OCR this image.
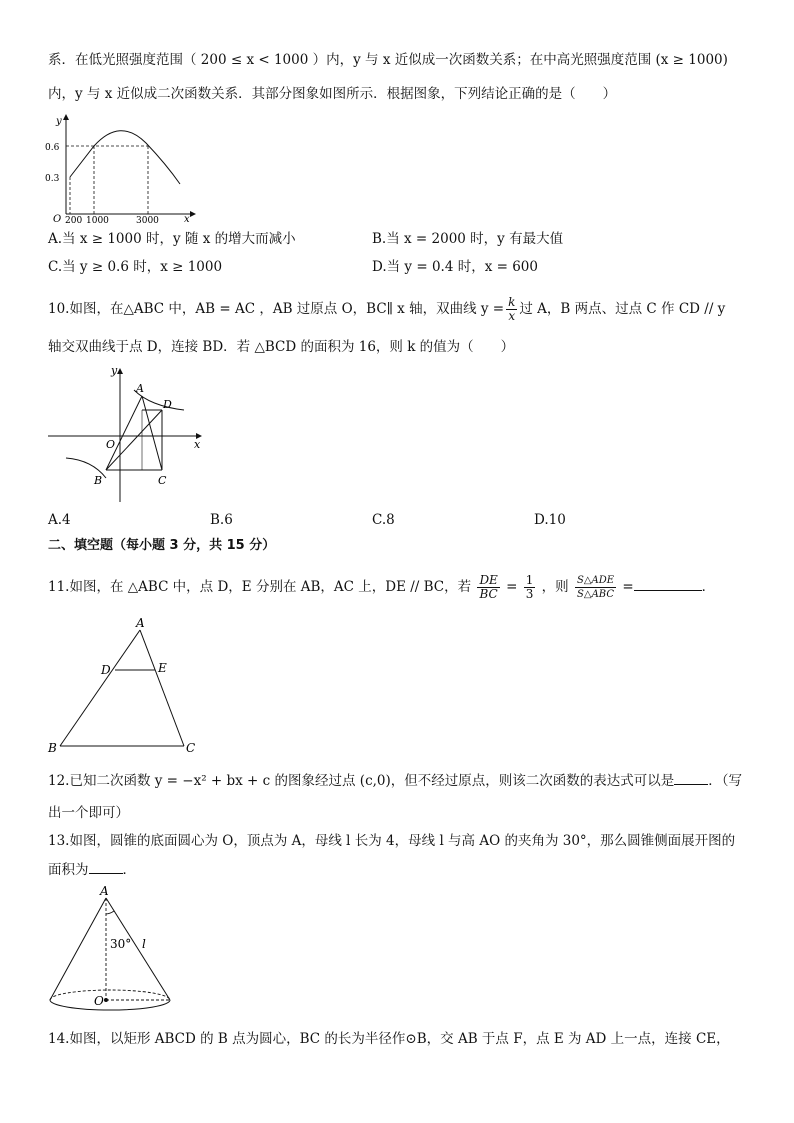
系．在低光照强度范围（ 200 ≤ x < 1000 ）内，y 与 x 近似成一次函数关系；在中高光照强度范围 (x ≥ 1000)
内，y 与 x 近似成二次函数关系．其部分图象如图所示．根据图象，下列结论正确的是（　　）
y
x
O
0.6
0.3
200 1000	3000
A.当 x ≥ 1000 时，y 随 x 的增大而减小	B.当 x = 2000 时，y 有最大值
C.当 y ≥ 0.6 时，x ≥ 1000	D.当 y = 0.4 时，x = 600
10.如图，在△ABC 中，AB = AC ，AB 过原点 O，BC∥ x 轴，双曲线 $y = \frac{k}{x}$ 过 A，B 两点、过点 C 作 CD // y
轴交双曲线于点 D，连接 BD．若 △BCD 的面积为 16，则 k 的值为（　　）
y
A
D
O	x
B	C
A.4	B.6	C.8	D.10
二、填空题（每小题 3 分，共 15 分）
11.如图，在 △ABC 中，点 D，E 分别在 AB，AC 上，DE // BC，若 $\frac{DE}{BC} = \frac{1}{3}$ ，则 $\frac{\text{S△ADE}}{\text{S△ABC}}$ =	．
A
D	E
B	C
12.已知二次函数 y = −x² + bx + c 的图象经过点 (c,0)，但不经过原点，则该二次函数的表达式可以是	．（写
出一个即可）
13.如图，圆锥的底面圆心为 O，顶点为 A，母线 l 长为 4，母线 l 与高 AO 的夹角为 30°，那么圆锥侧面展开图的
面积为	．
A
30° l
O
14.如图，以矩形 ABCD 的 B 点为圆心，BC 的长为半径作⊙B，交 AB 于点 F，点 E 为 AD 上一点，连接 CE，
